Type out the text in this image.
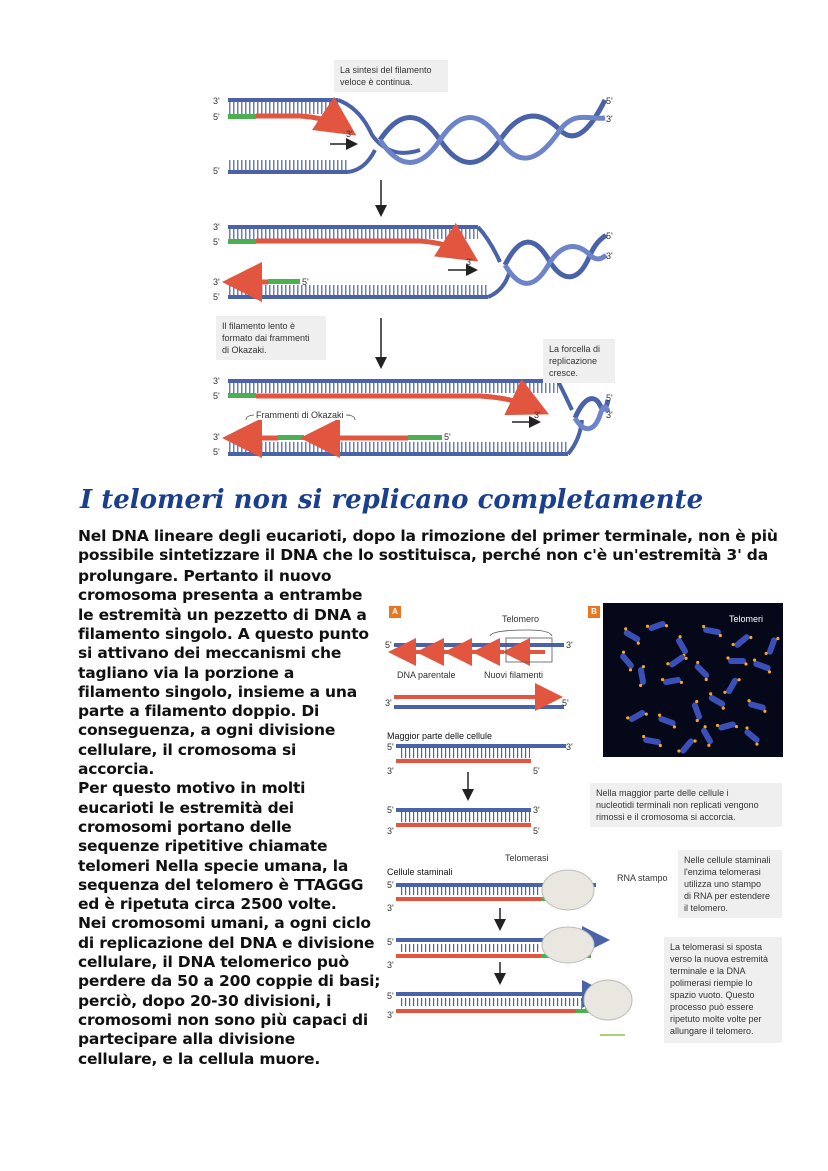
La sintesi del filamento
veloce è continua.
Il filamento lento è
formato dai frammenti
di Okazaki.	La forcella di
replicazione
cresce.
Frammenti di Okazaki
3'
5'
5'
3'
5'
3'
3'
5'
3'
5'
5'
3'
5'
3'
3'
5'
3'
5'
5'
3'
5'
3'
I telomeri non si replicano completamente
Nel DNA lineare degli eucarioti, dopo la rimozione del primer terminale, non è più
possibile sintetizzare il DNA che lo sostituisca, perché non c'è un'estremità 3' da
prolungare. Pertanto il nuovo
cromosoma presenta a entrambe
le estremità un pezzetto di DNA a
filamento singolo. A questo punto
si attivano dei meccanismi che
tagliano via la porzione a
filamento singolo, insieme a una
parte a filamento doppio. Di
conseguenza, a ogni divisione
cellulare, il cromosoma si
accorcia.
Per questo motivo in molti
eucarioti le estremità dei
cromosomi portano delle
sequenze ripetitive chiamate
telomeri Nella specie umana, la
sequenza del telomero è TTAGGG
ed è ripetuta circa 2500 volte.
Nei cromosomi umani, a ogni ciclo
di replicazione del DNA e divisione
cellulare, il DNA telomerico può
perdere da 50 a 200 coppie di basi;
perciò, dopo 20-30 divisioni, i
cromosomi non sono più capaci di
partecipare alla divisione
cellulare, e la cellula muore.
A	B
Telomeri
Telomero
5'	3'
DNA parentale	Nuovi filamenti
3'	5'
Maggior parte delle cellule
5'	3'
3'	5'
5'	3'
3'	5'
Cellule staminali
Telomerasi
RNA stampo
5'
3'
5'
3'
5'
3'
Nella maggior parte delle cellule i
nucleotidi terminali non replicati vengono
rimossi e il cromosoma si accorcia.
Nelle cellule staminali
l'enzima telomerasi
utilizza uno stampo
di RNA per estendere
il telomero.
La telomerasi si sposta
verso la nuova estremità
terminale e la DNA
polimerasi riempie lo
spazio vuoto. Questo
processo può essere
ripetuto molte volte per
allungare il telomero.
